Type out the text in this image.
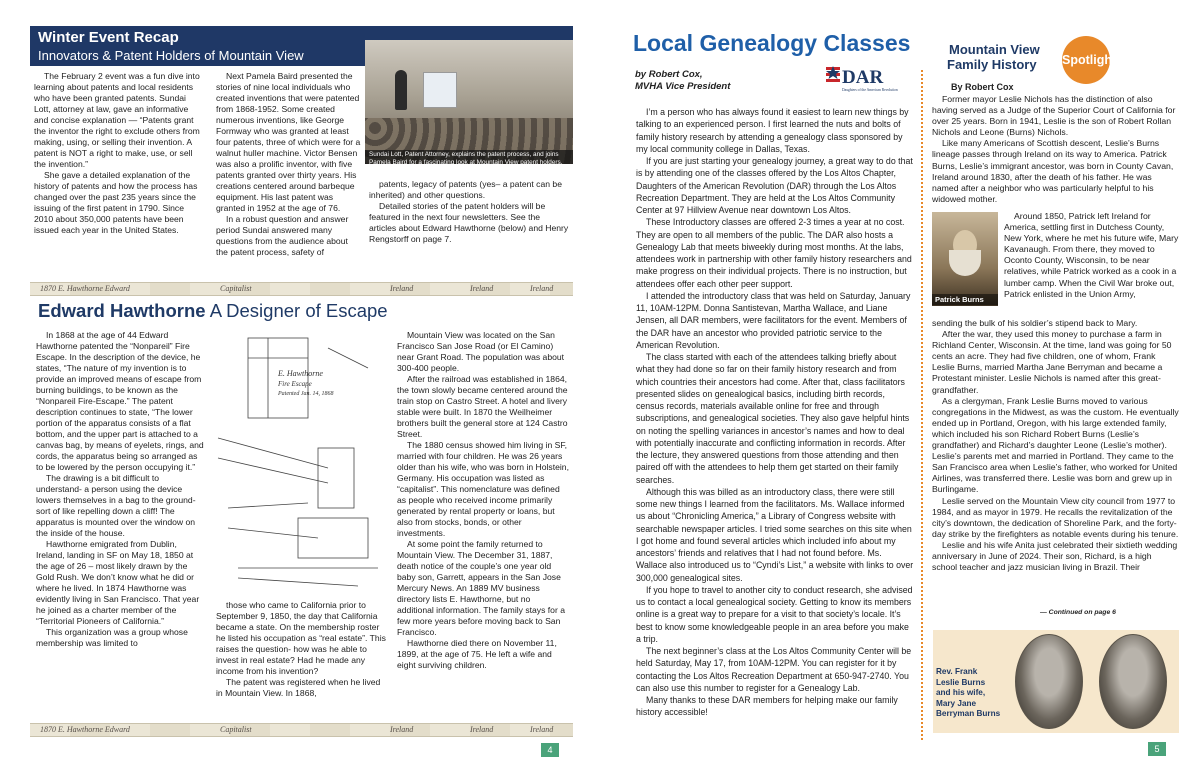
Winter Event Recap
Innovators & Patent Holders of Mountain View

The February 2 event was a fun dive into learning about patents and local residents who have been granted patents. Sundai Lott, attorney at law, gave an informative and concise explanation — “Patents grant the inventor the right to exclude others from making, using, or selling their invention. A patent is NOT a right to make, use, or sell the invention.”

She gave a detailed explanation of the history of patents and how the process has changed over the past 235 years since the issuing of the first patent in 1790. Since 2010 about 350,000 patents have been issued each year in the United States.

Next Pamela Baird presented the stories of nine local individuals who created inventions that were patented from 1868-1952. Some created numerous inventions, like George Formway who was granted at least four patents, three of which were for a walnut huller machine. Victor Bensen was also a prolific inventor, with five patents granted over thirty years. His creations centered around barbeque equipment. His last patent was granted in 1952 at the age of 76.

In a robust question and answer period Sundai answered many questions from the audience about the patent process, safety of

patents, legacy of patents (yes– a patent can be inherited) and other questions.

Detailed stories of the patent holders will be featured in the next four newsletters. See the articles about Edward Hawthorne (below) and Henry Rengstorff on page 7.

Sundai Lott, Patent Attorney, explains the patent process, and joins Pamela Baird for a fascinating look at Mountain View patent holders.
1870 E. Hawthorne Edward	Capitalist	Ireland	Ireland	Ireland
Edward Hawthorne A Designer of Escape

In 1868 at the age of 44 Edward Hawthorne patented the “Nonpareil” Fire Escape. In the description of the device, he states, “The nature of my invention is to provide an improved means of escape from burning buildings, to be known as the “Nonpareil Fire-Escape.” The patent description continues to state, “The lower portion of the apparatus consists of a flat bottom, and the upper part is attached to a canvas bag, by means of eyelets, rings, and cords, the apparatus being so arranged as to be lowered by the person occupying it.”

The drawing is a bit difficult to understand- a person using the device lowers themselves in a bag to the ground- sort of like repelling down a cliff! The apparatus is mounted over the window on the inside of the house.

Hawthorne emigrated from Dublin, Ireland, landing in SF on May 18, 1850 at the age of 26 – most likely drawn by the Gold Rush. We don’t know what he did or where he lived. In 1874 Hawthorne was evidently living in San Francisco. That year he joined as a charter member of the “Territorial Pioneers of California.”

This organization was a group whose membership was limited to

E. Hawthorne
Fire Escape
Patented Jan. 14, 1868

those who came to California prior to September 9, 1850, the day that California became a state. On the membership roster he listed his occupation as “real estate”. This raises the question- how was he able to invest in real estate? Had he made any income from his invention?

The patent was registered when he lived in Mountain View. In 1868,

Mountain View was located on the San Francisco San Jose Road (or El Camino) near Grant Road. The population was about 300-400 people.

After the railroad was established in 1864, the town slowly became centered around the train stop on Castro Street. A hotel and livery stable were built. In 1870 the Weilheimer brothers built the general store at 124 Castro Street.

The 1880 census showed him living in SF, married with four children. He was 26 years older than his wife, who was born in Holstein, Germany. His occupation was listed as “capitalist”. This nomenclature was defined as people who received income primarily generated by rental property or loans, but also from stocks, bonds, or other investments.

At some point the family returned to Mountain View. The December 31, 1887, death notice of the couple’s one year old baby son, Garrett, appears in the San Jose Mercury News. An 1889 MV business directory lists E. Hawthorne, but no additional information. The family stays for a few more years before moving back to San Francisco.

Hawthorne died there on November 11, 1899, at the age of 75. He left a wife and eight surviving children.

1870 E. Hawthorne Edward	Capitalist	Ireland	Ireland	Ireland
4
Local Genealogy Classes
by Robert Cox,
MVHA Vice President	DAR
Daughters of the American Revolution

I’m a person who has always found it easiest to learn new things by talking to an experienced person. I first learned the nuts and bolts of family history research by attending a genealogy class sponsored by my local community college in Dallas, Texas.

If you are just starting your genealogy journey, a great way to do that is by attending one of the classes offered by the Los Altos Chapter, Daughters of the American Revolution (DAR) through the Los Altos Recreation Department. They are held at the Los Altos Community Center at 97 Hillview Avenue near downtown Los Altos.

These Introductory classes are offered 2-3 times a year at no cost. They are open to all members of the public. The DAR also hosts a Genealogy Lab that meets biweekly during most months. At the labs, attendees work in partnership with other family history researchers and make progress on their individual projects. There is no instruction, but attendees offer each other peer support.

I attended the introductory class that was held on Saturday, January 11, 10AM-12PM. Donna Santistevan, Martha Wallace, and Liane Jensen, all DAR members, were facilitators for the event. Members of the DAR have an ancestor who provided patriotic service to the American Revolution.

The class started with each of the attendees talking briefly about what they had done so far on their family history research and from which countries their ancestors had come. After that, class facilitators presented slides on genealogical basics, including birth records, census records, materials available online for free and through subscriptions, and genealogical societies. They also gave helpful hints on noting the spelling variances in ancestor’s names and how to deal with potentially inaccurate and conflicting information in records. After the lecture, they answered questions from those attending and then paired off with the attendees to help them get started on their family searches.

Although this was billed as an introductory class, there were still some new things I learned from the facilitators. Ms. Wallace informed us about “Chronicling America,” a Library of Congress website with searchable newspaper articles. I tried some searches on this site when I got home and found several articles which included info about my ancestors’ friends and relatives that I had not found before. Ms. Wallace also introduced us to “Cyndi’s List,” a website with links to over 300,000 genealogical sites.

If you hope to travel to another city to conduct research, she advised us to contact a local genealogical society. Getting to know its members online is a great way to prepare for a visit to that society’s locale. It’s best to know some knowledgeable people in an area before you make a trip.

The next beginner’s class at the Los Altos Community Center will be held Saturday, May 17, from 10AM-12PM. You can register for it by contacting the Los Altos Recreation Department at 650-947-2740. You can also use this number to register for a Genealogy Lab.

Many thanks to these DAR members for helping make our family history accessible!

Mountain View
Family History Spotlight
By Robert Cox

Former mayor Leslie Nichols has the distinction of also having served as a Judge of the Superior Court of California for over 25 years. Born in 1941, Leslie is the son of Robert Rollan Nichols and Leone (Burns) Nichols.

Like many Americans of Scottish descent, Leslie’s Burns lineage passes through Ireland on its way to America. Patrick Burns, Leslie’s immigrant ancestor, was born in County Cavan, Ireland around 1830, after the death of his father. He was named after a neighbor who was particularly helpful to his widowed mother.

Patrick Burns

Around 1850, Patrick left Ireland for America, settling first in Dutchess County, New York, where he met his future wife, Mary Kavanaugh. From there, they moved to Oconto County, Wisconsin, to be near relatives, while Patrick worked as a cook in a lumber camp. When the Civil War broke out, Patrick enlisted in the Union Army,

sending the bulk of his soldier’s stipend back to Mary.

After the war, they used this money to purchase a farm in Richland Center, Wisconsin. At the time, land was going for 50 cents an acre. They had five children, one of whom, Frank Leslie Burns, married Martha Jane Berryman and became a Protestant minister. Leslie Nichols is named after this great-grandfather.

As a clergyman, Frank Leslie Burns moved to various congregations in the Midwest, as was the custom. He eventually ended up in Portland, Oregon, with his large extended family, which included his son Richard Robert Burns (Leslie’s grandfather) and Richard’s daughter Leone (Leslie’s mother). Leslie’s parents met and married in Portland. They came to the San Francisco area when Leslie’s father, who worked for United Airlines, was transferred there. Leslie was born and grew up in Burlingame.

Leslie served on the Mountain View city council from 1977 to 1984, and as mayor in 1979. He recalls the revitalization of the city’s downtown, the dedication of Shoreline Park, and the forty-day strike by the firefighters as notable events during his tenure.

Leslie and his wife Anita just celebrated their sixtieth wedding anniversary in June of 2024. Their son, Richard, is a high school teacher and jazz musician living in Brazil. Their

— Continued on page 6
Rev. Frank
Leslie Burns
and his wife,
Mary Jane
Berryman Burns
5
